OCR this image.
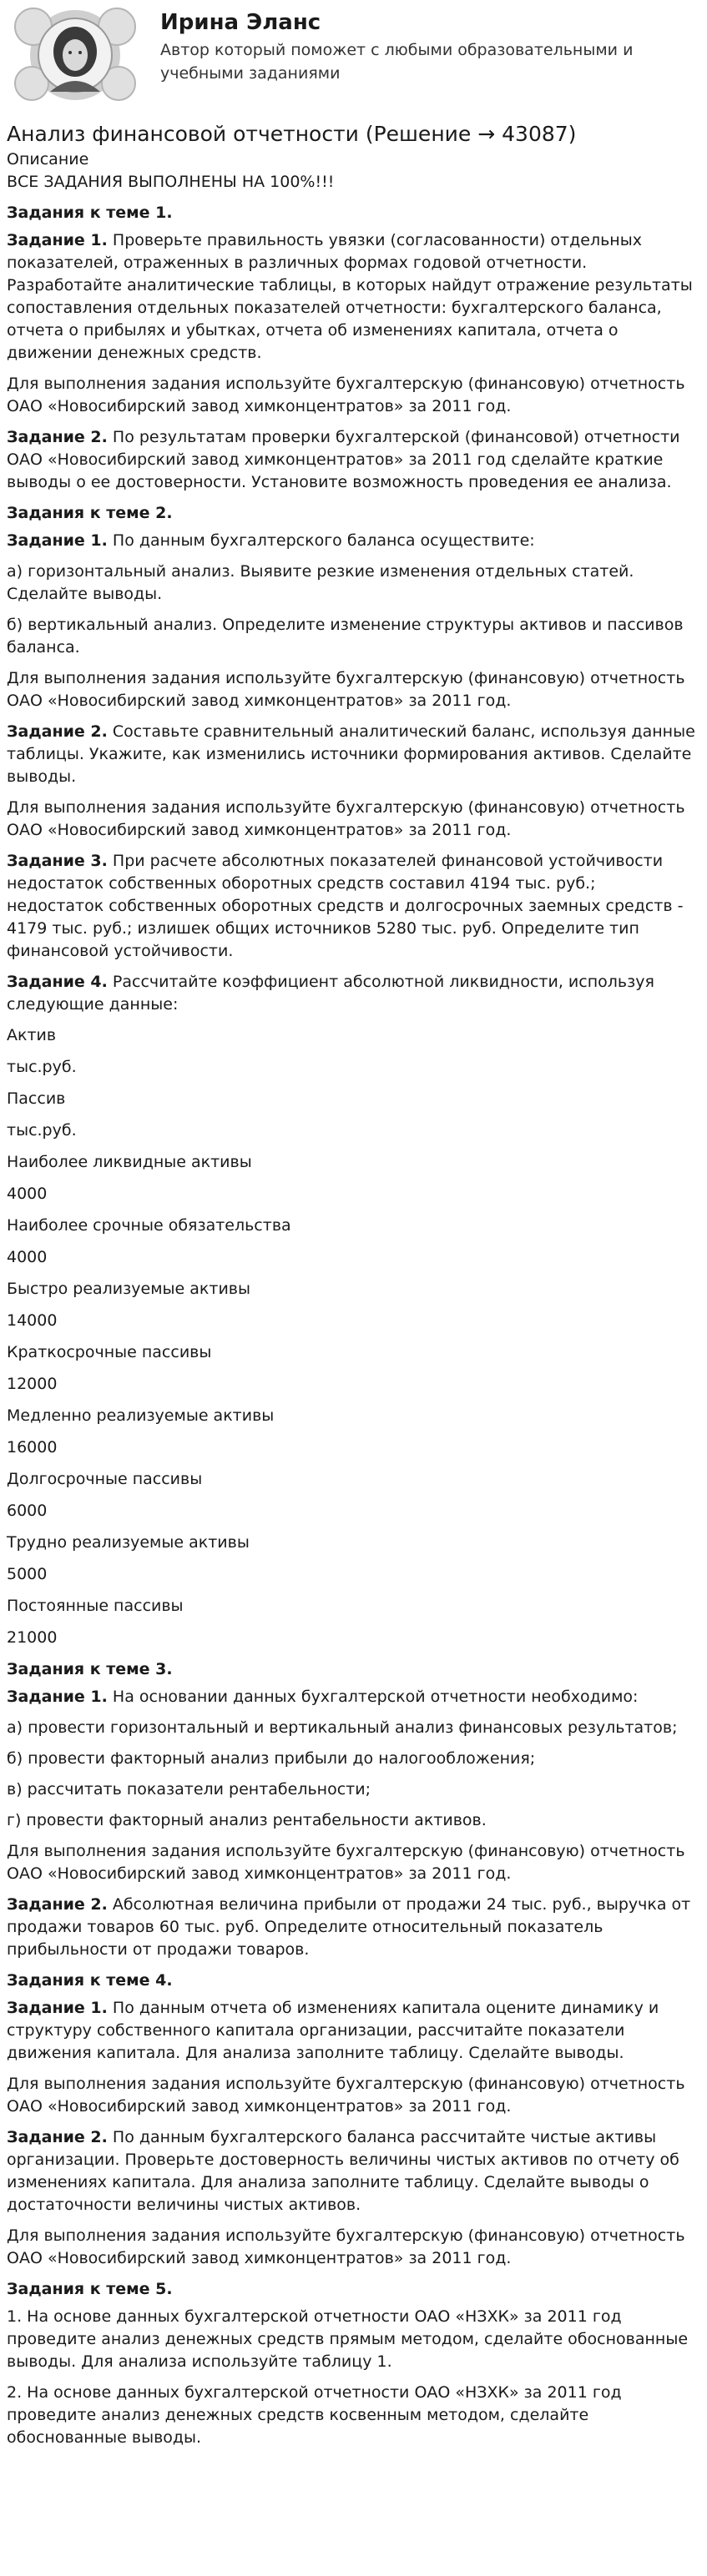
Ирина Эланс
Автор который поможет с любыми образовательными и учебными заданиями
Анализ финансовой отчетности (Решение → 43087)
Описание
ВСЕ ЗАДАНИЯ ВЫПОЛНЕНЫ НА 100%!!!
Задания к теме 1.
Задание 1. Проверьте правильность увязки (согласованности) отдельных показателей, отраженных в различных формах годовой отчетности. Разработайте аналитические таблицы, в которых найдут отражение результаты сопоставления отдельных показателей отчетности: бухгалтерского баланса, отчета о прибылях и убытках, отчета об изменениях капитала, отчета о движении денежных средств.
Для выполнения задания используйте бухгалтерскую (финансовую) отчетность ОАО «Новосибирский завод химконцентратов» за 2011 год.
Задание 2. По результатам проверки бухгалтерской (финансовой) отчетности ОАО «Новосибирский завод химконцентратов» за 2011 год сделайте краткие выводы о ее достоверности. Установите возможность проведения ее анализа.
Задания к теме 2.
Задание 1. По данным бухгалтерского баланса осуществите:
а) горизонтальный анализ. Выявите резкие изменения отдельных статей. Сделайте выводы.
б) вертикальный анализ. Определите изменение структуры активов и пассивов баланса.
Для выполнения задания используйте бухгалтерскую (финансовую) отчетность ОАО «Новосибирский завод химконцентратов» за 2011 год.
Задание 2. Составьте сравнительный аналитический баланс, используя данные таблицы. Укажите, как изменились источники формирования активов. Сделайте выводы.
Для выполнения задания используйте бухгалтерскую (финансовую) отчетность ОАО «Новосибирский завод химконцентратов» за 2011 год.
Задание 3. При расчете абсолютных показателей финансовой устойчивости недостаток собственных оборотных средств составил 4194 тыс. руб.; недостаток собственных оборотных средств и долгосрочных заемных средств - 4179 тыс. руб.; излишек общих источников 5280 тыс. руб. Определите тип финансовой устойчивости.
Задание 4. Рассчитайте коэффициент абсолютной ликвидности, используя следующие данные:
Актив
тыс.руб.
Пассив
тыс.руб.
Наиболее ликвидные активы
4000
Наиболее срочные обязательства
4000
Быстро реализуемые активы
14000
Краткосрочные пассивы
12000
Медленно реализуемые активы
16000
Долгосрочные пассивы
6000
Трудно реализуемые активы
5000
Постоянные пассивы
21000
Задания к теме 3.
Задание 1. На основании данных бухгалтерской отчетности необходимо:
а) провести горизонтальный и вертикальный анализ финансовых результатов;
б) провести факторный анализ прибыли до налогообложения;
в) рассчитать показатели рентабельности;
г) провести факторный анализ рентабельности активов.
Для выполнения задания используйте бухгалтерскую (финансовую) отчетность ОАО «Новосибирский завод химконцентратов» за 2011 год.
Задание 2. Абсолютная величина прибыли от продажи 24 тыс. руб., выручка от продажи товаров 60 тыс. руб. Определите относительный показатель прибыльности от продажи товаров.
Задания к теме 4.
Задание 1. По данным отчета об изменениях капитала оцените динамику и структуру собственного капитала организации, рассчитайте показатели движения капитала. Для анализа заполните таблицу. Сделайте выводы.
Для выполнения задания используйте бухгалтерскую (финансовую) отчетность ОАО «Новосибирский завод химконцентратов» за 2011 год.
Задание 2. По данным бухгалтерского баланса рассчитайте чистые активы организации. Проверьте достоверность величины чистых активов по отчету об изменениях капитала. Для анализа заполните таблицу. Сделайте выводы о достаточности величины чистых активов.
Для выполнения задания используйте бухгалтерскую (финансовую) отчетность ОАО «Новосибирский завод химконцентратов» за 2011 год.
Задания к теме 5.
1. На основе данных бухгалтерской отчетности ОАО «НЗХК» за 2011 год проведите анализ денежных средств прямым методом, сделайте обоснованные выводы. Для анализа используйте таблицу 1.
2. На основе данных бухгалтерской отчетности ОАО «НЗХК» за 2011 год проведите анализ денежных средств косвенным методом, сделайте обоснованные выводы.
